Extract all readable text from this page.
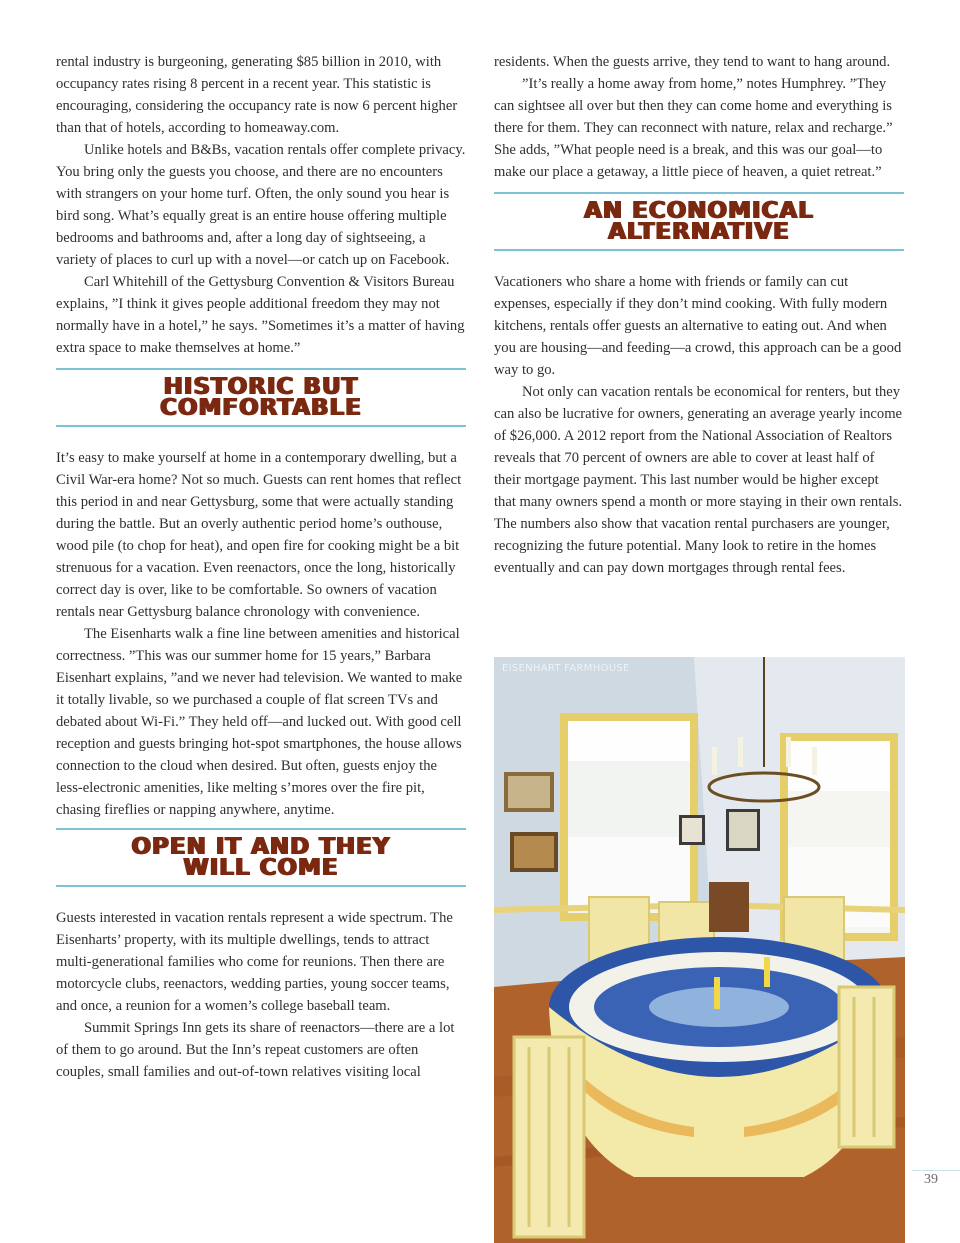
rental industry is burgeoning, generating $85 billion in 2010, with occupancy rates rising 8 percent in a recent year. This statistic is encouraging, considering the occupancy rate is now 6 percent higher than that of hotels, according to homeaway.com.

Unlike hotels and B&Bs, vacation rentals offer complete privacy. You bring only the guests you choose, and there are no encounters with strangers on your home turf. Often, the only sound you hear is bird song. What’s equally great is an entire house offering multiple bedrooms and bathrooms and, after a long day of sightseeing, a variety of places to curl up with a novel—or catch up on Facebook.

Carl Whitehill of the Gettysburg Convention & Visitors Bureau explains, ”I think it gives people additional freedom they may not normally have in a hotel,” he says. ”Sometimes it’s a matter of having extra space to make themselves at home.”

HISTORIC BUT
COMFORTABLE

It’s easy to make yourself at home in a contemporary dwelling, but a Civil War-era home? Not so much. Guests can rent homes that reflect this period in and near Gettysburg, some that were actually standing during the battle. But an overly authentic period home’s outhouse, wood pile (to chop for heat), and open fire for cooking might be a bit strenuous for a vacation. Even reenactors, once the long, historically correct day is over, like to be comfortable. So owners of vacation rentals near Gettysburg balance chronology with convenience.

The Eisenharts walk a fine line between amenities and historical correctness. ”This was our summer home for 15 years,” Barbara Eisenhart explains, ”and we never had television. We wanted to make it totally livable, so we purchased a couple of flat screen TVs and debated about Wi-Fi.” They held off—and lucked out. With good cell reception and guests bringing hot-spot smartphones, the house allows connection to the cloud when desired. But often, guests enjoy the less-electronic amenities, like melting s’mores over the fire pit, chasing fireflies or napping anywhere, anytime.

OPEN IT AND THEY
WILL COME

Guests interested in vacation rentals represent a wide spectrum. The Eisenharts’ property, with its multiple dwellings, tends to attract multi-generational families who come for reunions. Then there are motorcycle clubs, reenactors, wedding parties, young soccer teams, and once, a reunion for a women’s college baseball team.

Summit Springs Inn gets its share of reenactors—there are a lot of them to go around. But the Inn’s repeat customers are often couples, small families and out-of-town relatives visiting local

residents. When the guests arrive, they tend to want to hang around.

”It’s really a home away from home,” notes Humphrey. ”They can sightsee all over but then they can come home and everything is there for them. They can reconnect with nature, relax and recharge.” She adds, ”What people need is a break, and this was our goal—to make our place a getaway, a little piece of heaven, a quiet retreat.”

AN ECONOMICAL
ALTERNATIVE

Vacationers who share a home with friends or family can cut expenses, especially if they don’t mind cooking. With fully modern kitchens, rentals offer guests an alternative to eating out. And when you are housing—and feeding—a crowd, this approach can be a good way to go.

Not only can vacation rentals be economical for renters, but they can also be lucrative for owners, generating an average yearly income of $26,000. A 2012 report from the National Association of Realtors reveals that 70 percent of owners are able to cover at least half of their mortgage payment. This last number would be higher except that many owners spend a month or more staying in their own rentals. The numbers also show that vacation rental purchasers are younger, recognizing the future potential. Many look to retire in the homes eventually and can pay down mortgages through rental fees.

EISENHART FARMHOUSE
39
